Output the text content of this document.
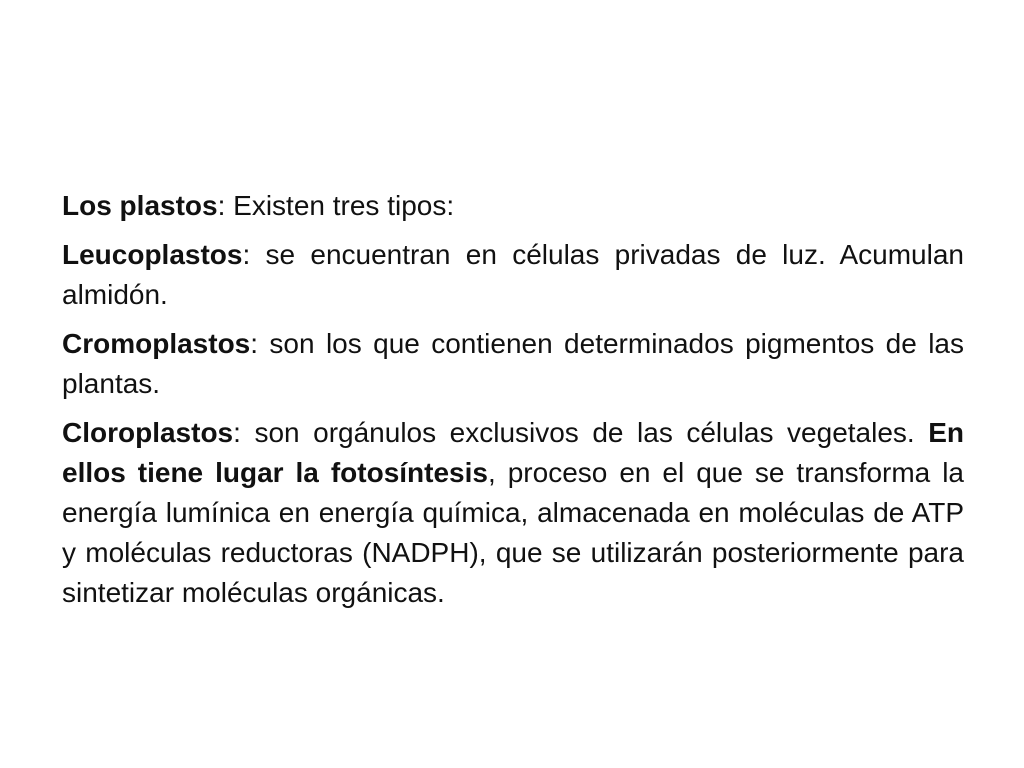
Los plastos: Existen tres tipos:

Leucoplastos: se encuentran en células privadas de luz. Acumulan almidón.

Cromoplastos: son los que contienen determinados pigmentos de las plantas.

Cloroplastos: son orgánulos exclusivos de las células vegetales. En ellos tiene lugar la fotosíntesis, proceso en el que se transforma la energía lumínica en energía química, almacenada en moléculas de ATP y moléculas reductoras (NADPH), que se utilizarán posteriormente para sintetizar moléculas orgánicas.
